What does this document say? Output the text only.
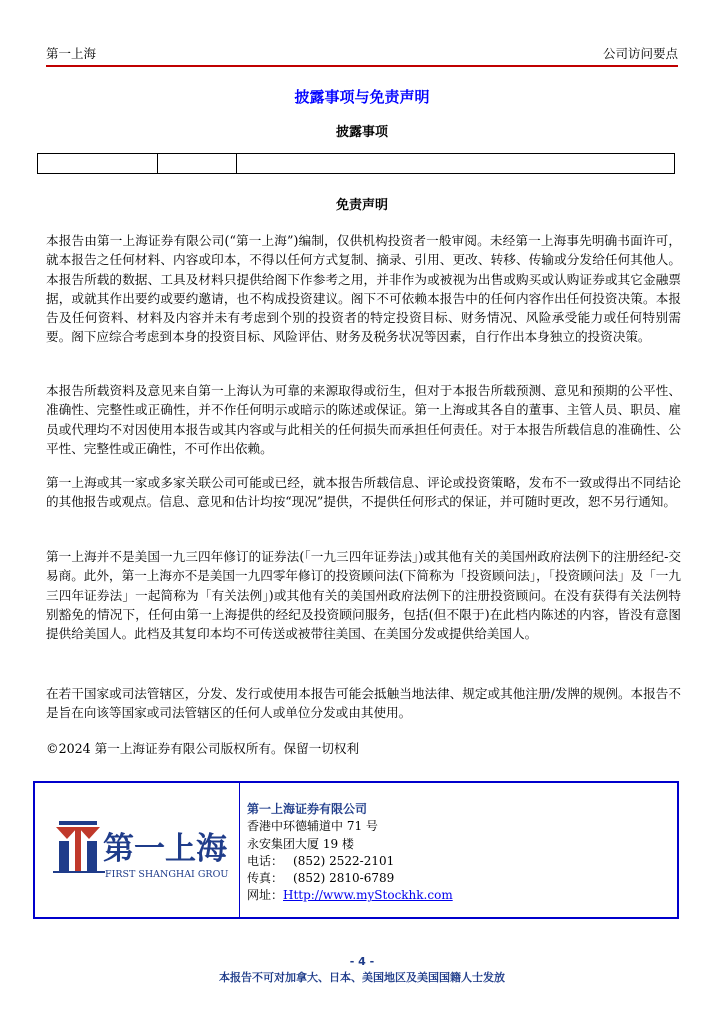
第一上海	公司访问要点
披露事项与免责声明
披露事项

免责声明

本报告由第一上海证券有限公司(“第一上海”)编制，仅供机构投资者一般审阅。未经第一上海事先明确书面许可，就本报告之任何材料、内容或印本，不得以任何方式复制、摘录、引用、更改、转移、传输或分发给任何其他人。本报告所载的数据、工具及材料只提供给阁下作参考之用，并非作为或被视为出售或购买或认购证券或其它金融票据，或就其作出要约或要约邀请，也不构成投资建议。阁下不可依赖本报告中的任何内容作出任何投资决策。本报告及任何资料、材料及内容并未有考虑到个别的投资者的特定投资目标、财务情况、风险承受能力或任何特别需要。阁下应综合考虑到本身的投资目标、风险评估、财务及税务状况等因素，自行作出本身独立的投资决策。

本报告所载资料及意见来自第一上海认为可靠的来源取得或衍生，但对于本报告所载预测、意见和预期的公平性、准确性、完整性或正确性，并不作任何明示或暗示的陈述或保证。第一上海或其各自的董事、主管人员、职员、雇员或代理均不对因使用本报告或其内容或与此相关的任何损失而承担任何责任。对于本报告所载信息的准确性、公平性、完整性或正确性，不可作出依赖。

第一上海或其一家或多家关联公司可能或已经，就本报告所载信息、评论或投资策略，发布不一致或得出不同结论的其他报告或观点。信息、意见和估计均按“现况”提供，不提供任何形式的保证，并可随时更改，恕不另行通知。

第一上海并不是美国一九三四年修订的证券法(「一九三四年证券法」)或其他有关的美国州政府法例下的注册经纪-交易商。此外，第一上海亦不是美国一九四零年修订的投资顾问法(下简称为「投资顾问法」，「投资顾问法」及「一九三四年证券法」一起简称为「有关法例」)或其他有关的美国州政府法例下的注册投资顾问。在没有获得有关法例特别豁免的情况下，任何由第一上海提供的经纪及投资顾问服务，包括(但不限于)在此档内陈述的内容，皆没有意图提供给美国人。此档及其复印本均不可传送或被带往美国、在美国分发或提供给美国人。

在若干国家或司法管辖区，分发、发行或使用本报告可能会抵触当地法律、规定或其他注册/发牌的规例。本报告不是旨在向该等国家或司法管辖区的任何人或单位分发或由其使用。

©2024 第一上海证券有限公司版权所有。保留一切权利

第一上海
FIRST SHANGHAI GROUP
第一上海证券有限公司
香港中环德辅道中 71 号
永安集团大厦 19 楼
电话： (852) 2522-2101
传真： (852) 2810-6789
网址：Http://www.myStockhk.com
- 4 -
本报告不可对加拿大、日本、美国地区及美国国籍人士发放
